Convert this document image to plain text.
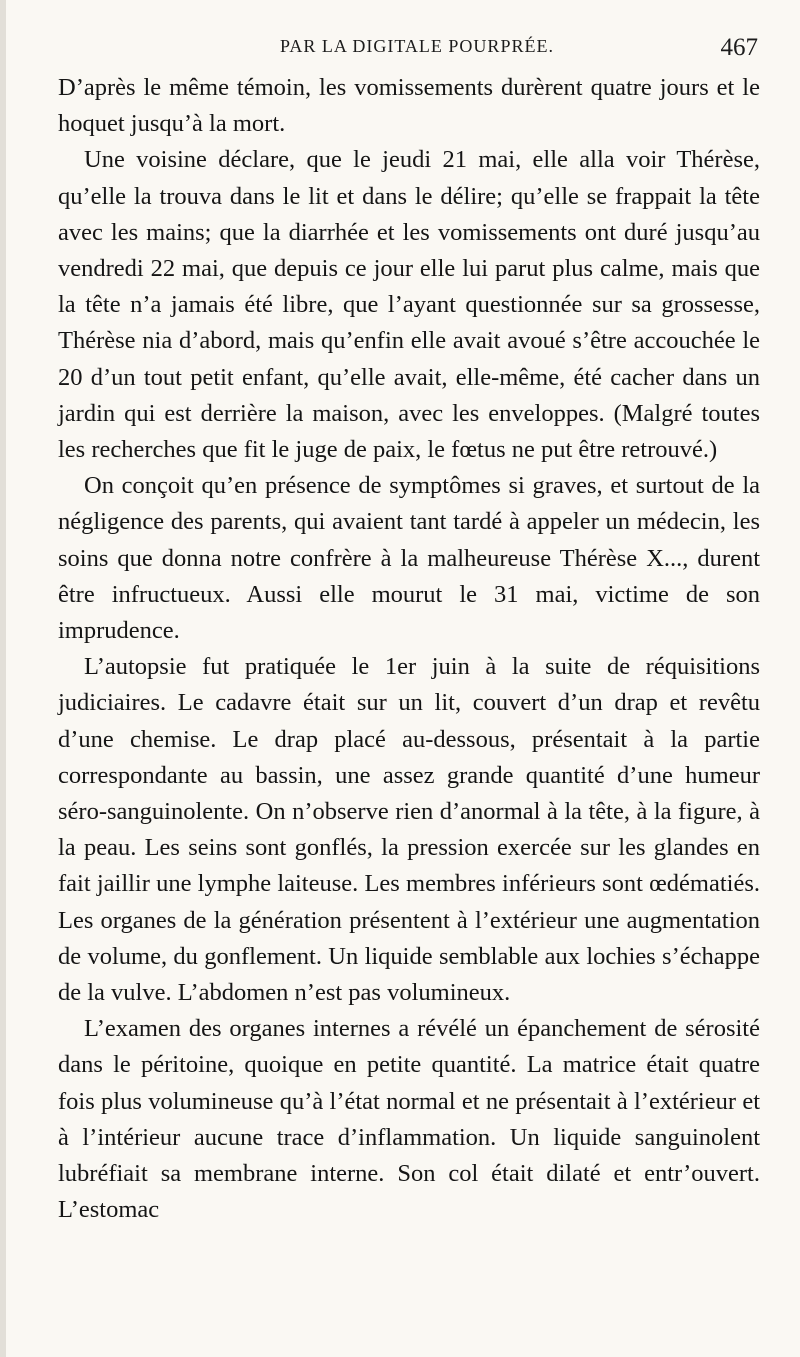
PAR LA DIGITALE POURPRÉE.	467

D’après le même témoin, les vomissements durèrent quatre jours et le hoquet jusqu’à la mort.

Une voisine déclare, que le jeudi 21 mai, elle alla voir Thérèse, qu’elle la trouva dans le lit et dans le délire; qu’elle se frappait la tête avec les mains; que la diarrhée et les vomissements ont duré jusqu’au vendredi 22 mai, que depuis ce jour elle lui parut plus calme, mais que la tête n’a jamais été libre, que l’ayant questionnée sur sa grossesse, Thérèse nia d’abord, mais qu’enfin elle avait avoué s’être accouchée le 20 d’un tout petit enfant, qu’elle avait, elle-même, été cacher dans un jardin qui est derrière la maison, avec les enveloppes. (Malgré toutes les recherches que fit le juge de paix, le fœtus ne put être retrouvé.)

On conçoit qu’en présence de symptômes si graves, et surtout de la négligence des parents, qui avaient tant tardé à appeler un médecin, les soins que donna notre confrère à la malheureuse Thérèse X..., durent être infructueux. Aussi elle mourut le 31 mai, victime de son imprudence.

L’autopsie fut pratiquée le 1er juin à la suite de réquisitions judiciaires. Le cadavre était sur un lit, couvert d’un drap et revêtu d’une chemise. Le drap placé au-dessous, présentait à la partie correspondante au bassin, une assez grande quantité d’une humeur séro-sanguinolente. On n’observe rien d’anormal à la tête, à la figure, à la peau. Les seins sont gonflés, la pression exercée sur les glandes en fait jaillir une lymphe laiteuse. Les membres inférieurs sont œdématiés. Les organes de la génération présentent à l’extérieur une augmentation de volume, du gonflement. Un liquide semblable aux lochies s’échappe de la vulve. L’abdomen n’est pas volumineux.

L’examen des organes internes a révélé un épanchement de sérosité dans le péritoine, quoique en petite quantité. La matrice était quatre fois plus volumineuse qu’à l’état normal et ne présentait à l’extérieur et à l’intérieur aucune trace d’inflammation. Un liquide sanguinolent lubréfiait sa membrane interne. Son col était dilaté et entr’ouvert. L’estomac
